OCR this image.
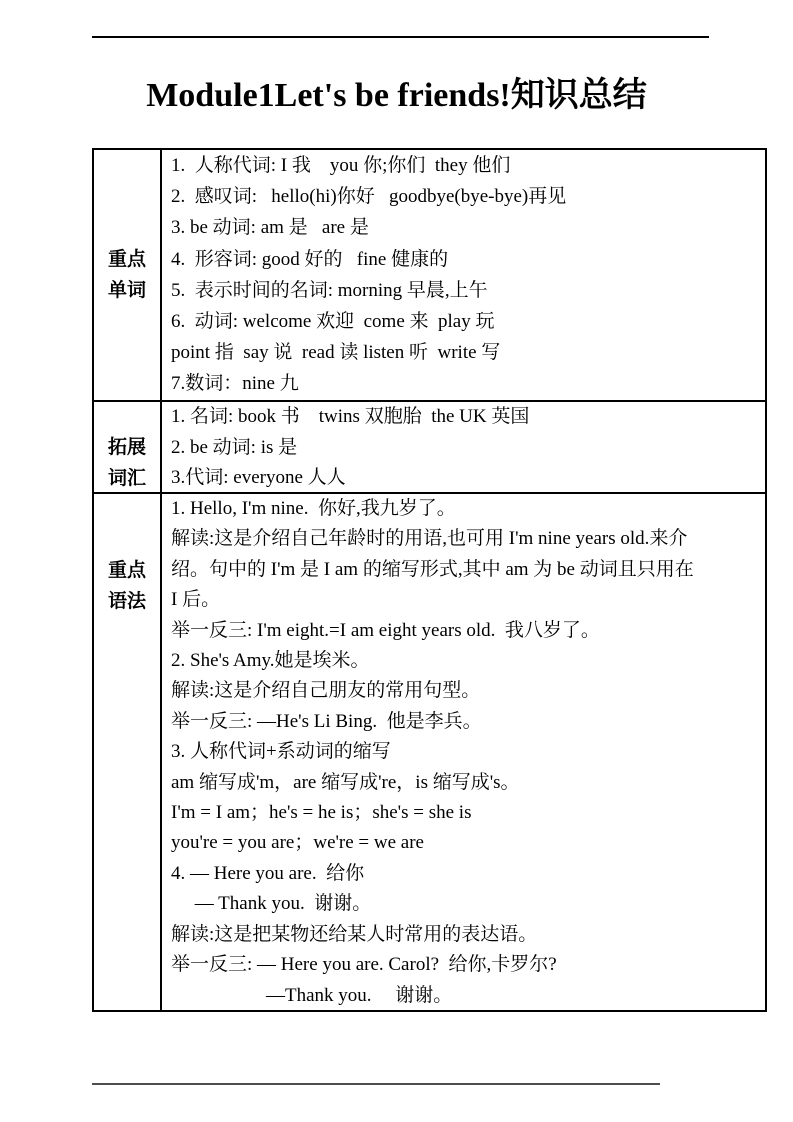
Module1Let's be friends!知识总结
重点
单词
1.  人称代词: I 我　you 你;你们  they 他们
2.  感叹词:   hello(hi)你好   goodbye(bye-bye)再见
3. be 动词: am 是   are 是
4.  形容词: good 好的   fine 健康的
5.  表示时间的名词: morning 早晨,上午
6.  动词: welcome 欢迎  come 来  play 玩
point 指  say 说  read 读 listen 听  write 写
7.数词：nine 九
拓展
词汇
1. 名词: book 书　twins 双胞胎  the UK 英国
2. be 动词: is 是
3.代词: everyone 人人
重点
语法
1. Hello, I'm nine.  你好,我九岁了。
解读:这是介绍自己年龄时的用语,也可用 I'm nine years old.来介
绍。句中的 I'm 是 I am 的缩写形式,其中 am 为 be 动词且只用在
I 后。
举一反三: I'm eight.=I am eight years old.  我八岁了。
2. She's Amy.她是埃米。
解读:这是介绍自己朋友的常用句型。
举一反三: —He's Li Bing.  他是李兵。
3. 人称代词+系动词的缩写
am 缩写成'm，are 缩写成're，is 缩写成's。
I'm = I am；he's = he is；she's = she is
you're = you are；we're = we are
4. — Here you are.  给你
　 — Thank you.  谢谢。
解读:这是把某物还给某人时常用的表达语。
举一反三: — Here you are. Carol?  给你,卡罗尔?
　　　　　—Thank you.　 谢谢。
